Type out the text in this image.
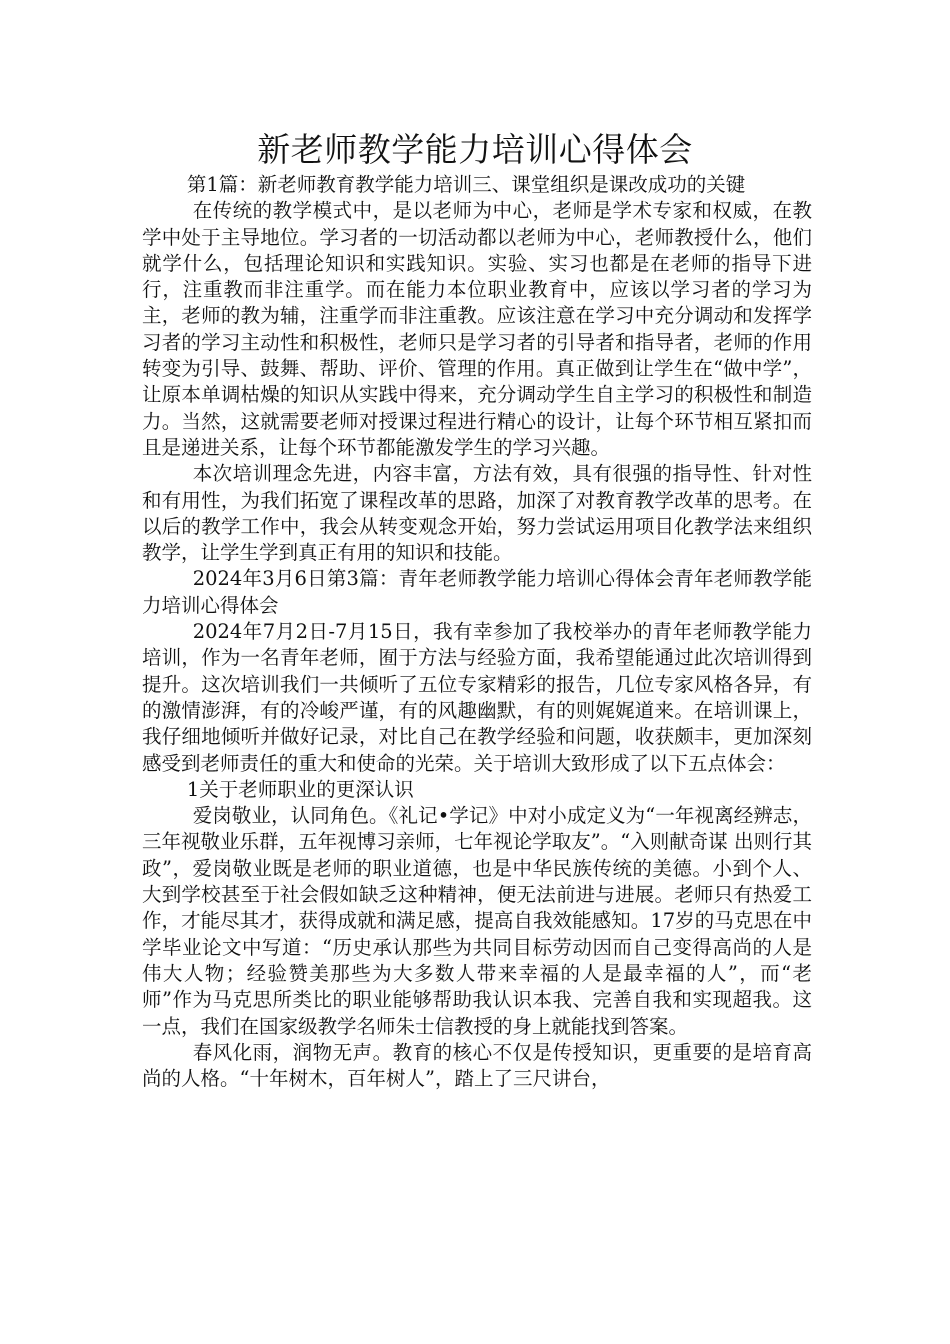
新老师教学能力培训心得体会

第1篇：新老师教育教学能力培训三、课堂组织是课改成功的关键

在传统的教学模式中，是以老师为中心，老师是学术专家和权威，在教学中处于主导地位。学习者的一切活动都以老师为中心，老师教授什么，他们就学什么，包括理论知识和实践知识。实验、实习也都是在老师的指导下进行，注重教而非注重学。而在能力本位职业教育中，应该以学习者的学习为主，老师的教为辅，注重学而非注重教。应该注意在学习中充分调动和发挥学习者的学习主动性和积极性，老师只是学习者的引导者和指导者，老师的作用转变为引导、鼓舞、帮助、评价、管理的作用。真正做到让学生在“做中学”，让原本单调枯燥的知识从实践中得来，充分调动学生自主学习的积极性和制造力。当然，这就需要老师对授课过程进行精心的设计，让每个环节相互紧扣而且是递进关系，让每个环节都能激发学生的学习兴趣。

本次培训理念先进，内容丰富，方法有效，具有很强的指导性、针对性和有用性，为我们拓宽了课程改革的思路，加深了对教育教学改革的思考。在以后的教学工作中，我会从转变观念开始，努力尝试运用项目化教学法来组织教学，让学生学到真正有用的知识和技能。

2024年3月6日第3篇：青年老师教学能力培训心得体会青年老师教学能力培训心得体会

2024年7月2日-7月15日，我有幸参加了我校举办的青年老师教学能力培训，作为一名青年老师，囿于方法与经验方面，我希望能通过此次培训得到提升。这次培训我们一共倾听了五位专家精彩的报告，几位专家风格各异，有的激情澎湃，有的冷峻严谨，有的风趣幽默，有的则娓娓道来。在培训课上，我仔细地倾听并做好记录，对比自己在教学经验和问题，收获颇丰，更加深刻感受到老师责任的重大和使命的光荣。关于培训大致形成了以下五点体会：

1关于老师职业的更深认识

爱岗敬业，认同角色。《礼记•学记》中对小成定义为“一年视离经辨志，三年视敬业乐群，五年视博习亲师，七年视论学取友”。“入则献奇谋 出则行其政”，爱岗敬业既是老师的职业道德，也是中华民族传统的美德。小到个人、大到学校甚至于社会假如缺乏这种精神，便无法前进与进展。老师只有热爱工作，才能尽其才，获得成就和满足感，提高自我效能感知。17岁的马克思在中学毕业论文中写道：“历史承认那些为共同目标劳动因而自己变得高尚的人是伟大人物；经验赞美那些为大多数人带来幸福的人是最幸福的人”，而“老师”作为马克思所类比的职业能够帮助我认识本我、完善自我和实现超我。这一点，我们在国家级教学名师朱士信教授的身上就能找到答案。

春风化雨，润物无声。教育的核心不仅是传授知识，更重要的是培育高尚的人格。“十年树木，百年树人”，踏上了三尺讲台，
